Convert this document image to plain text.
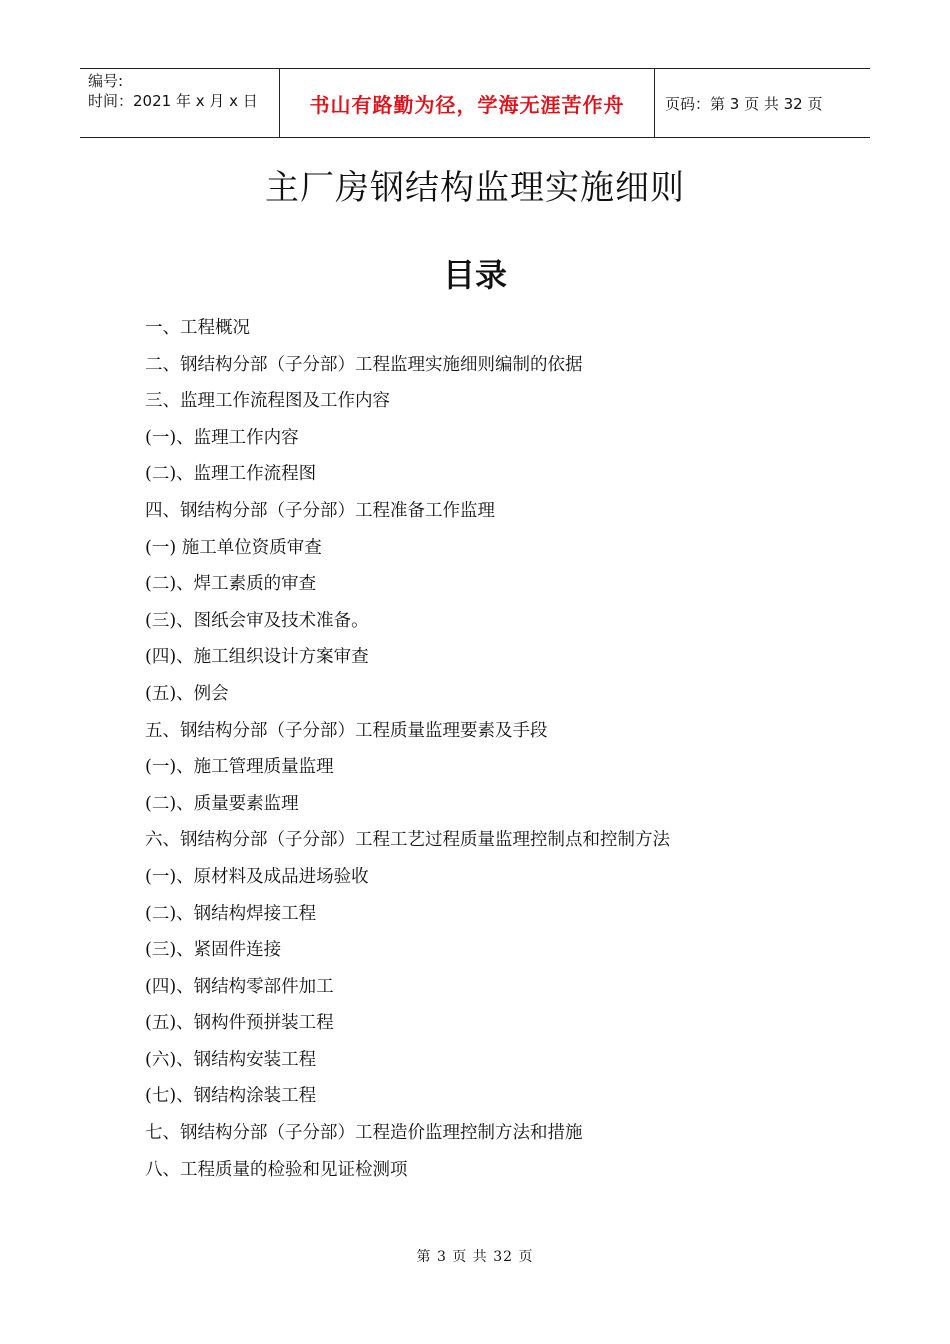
编号:
时间：2021 年 x 月 x 日	书山有路勤为径，学海无涯苦作舟	页码：第 3 页 共 32 页
主厂房钢结构监理实施细则
目录
一、工程概况
二、钢结构分部（子分部）工程监理实施细则编制的依据
三、监理工作流程图及工作内容
(一)、监理工作内容
(二)、监理工作流程图
四、钢结构分部（子分部）工程准备工作监理
(一) 施工单位资质审查
(二)、焊工素质的审查
(三)、图纸会审及技术准备。
(四)、施工组织设计方案审查
(五)、例会
五、钢结构分部（子分部）工程质量监理要素及手段
(一)、施工管理质量监理
(二)、质量要素监理
六、钢结构分部（子分部）工程工艺过程质量监理控制点和控制方法
(一)、原材料及成品进场验收
(二)、钢结构焊接工程
(三)、紧固件连接
(四)、钢结构零部件加工
(五)、钢构件预拼装工程
(六)、钢结构安装工程
(七)、钢结构涂装工程
七、钢结构分部（子分部）工程造价监理控制方法和措施
八、工程质量的检验和见证检测项
第 3 页 共 32 页
